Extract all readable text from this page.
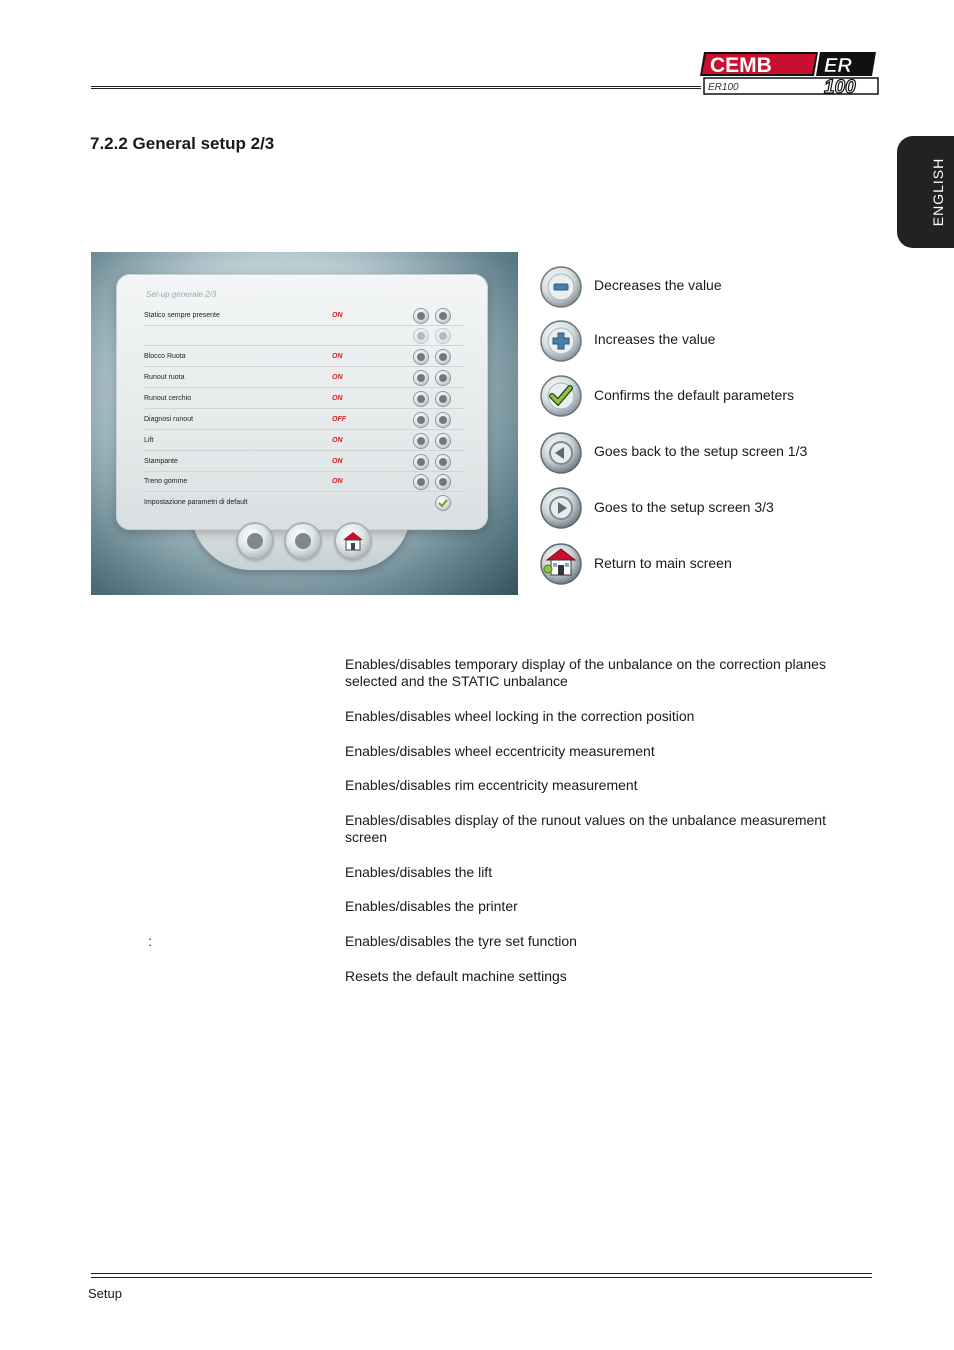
CEMB	ER
ER100	100
ENGLISH
7.2.2 General setup 2/3
Set-up generale 2/3
Statico sempre presente	ON
Blocco Ruota	ON
Runout ruota	ON
Runout cerchio	ON
Diagnosi runout	OFF
Lift	ON
Stampante	ON
Treno gomme	ON
Impostazione parametri di default
Decreases the value
Increases the value
Confirms the default parameters
Goes back to the setup screen 1/3
Goes to the setup screen 3/3
Return to main screen
Enables/disables temporary display of the unbalance on the correction planes selected and the STATIC unbalance
Enables/disables wheel locking in the correction position
Enables/disables wheel eccentricity measurement
Enables/disables rim eccentricity measurement
Enables/disables display of the runout values on the unbalance measurement screen
Enables/disables the lift
Enables/disables the printer
:	Enables/disables the tyre set function
Resets the default machine settings
Setup
